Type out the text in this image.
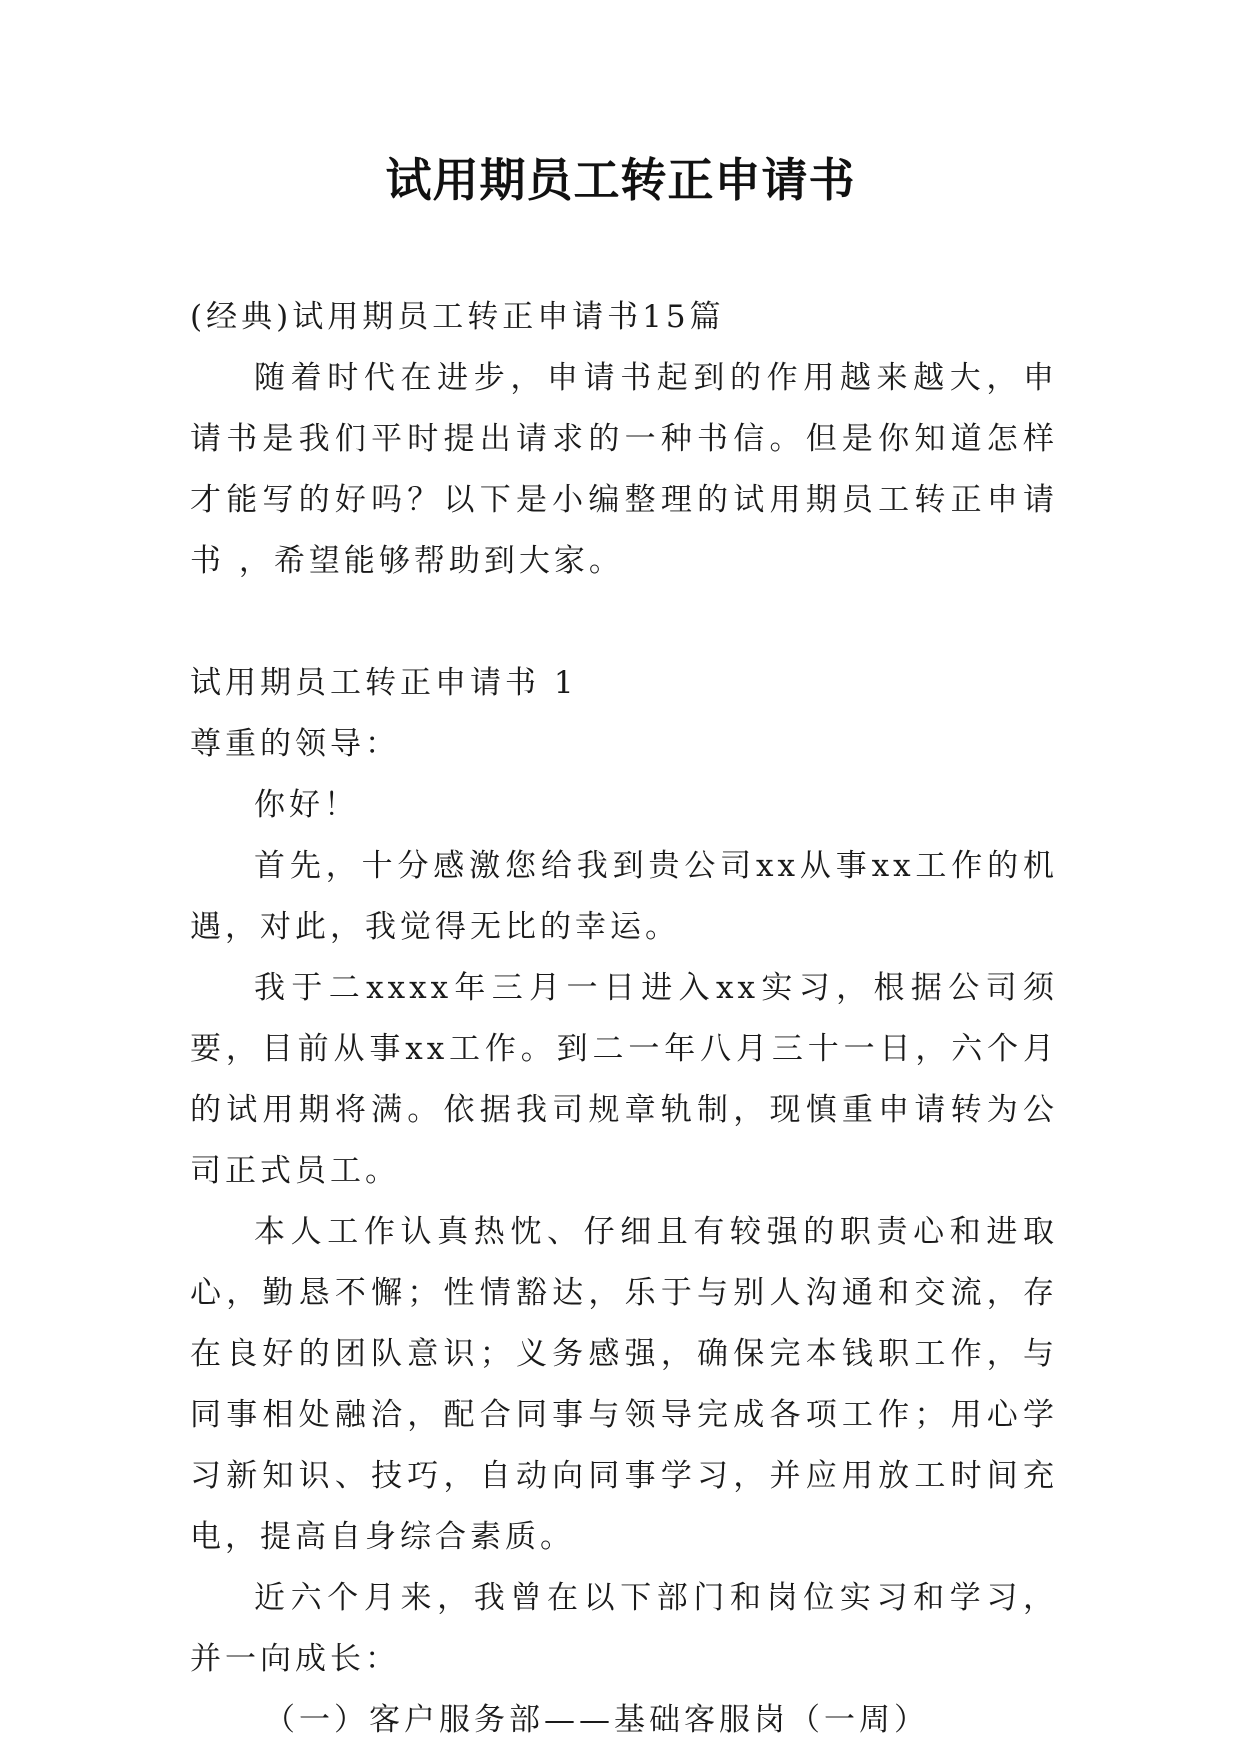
试用期员工转正申请书

(经典)试用期员工转正申请书15篇

随着时代在进步，申请书起到的作用越来越大，申请书是我们平时提出请求的一种书信。但是你知道怎样才能写的好吗？以下是小编整理的试用期员工转正申请书 ，希望能够帮助到大家。

试用期员工转正申请书 1

尊重的领导：

你好！

首先，十分感激您给我到贵公司xx从事xx工作的机遇，对此，我觉得无比的幸运。

我于二xxxx年三月一日进入xx实习，根据公司须要，目前从事xx工作。到二一年八月三十一日，六个月的试用期将满。依据我司规章轨制，现慎重申请转为公司正式员工。

本人工作认真热忱、仔细且有较强的职责心和进取心，勤恳不懈；性情豁达，乐于与别人沟通和交流，存在良好的团队意识；义务感强，确保完本钱职工作，与同事相处融洽，配合同事与领导完成各项工作；用心学习新知识、技巧，自动向同事学习，并应用放工时间充电，提高自身综合素质。

近六个月来，我曾在以下部门和岗位实习和学习，并一向成长：

（一）客户服务部——基础客服岗（一周）
